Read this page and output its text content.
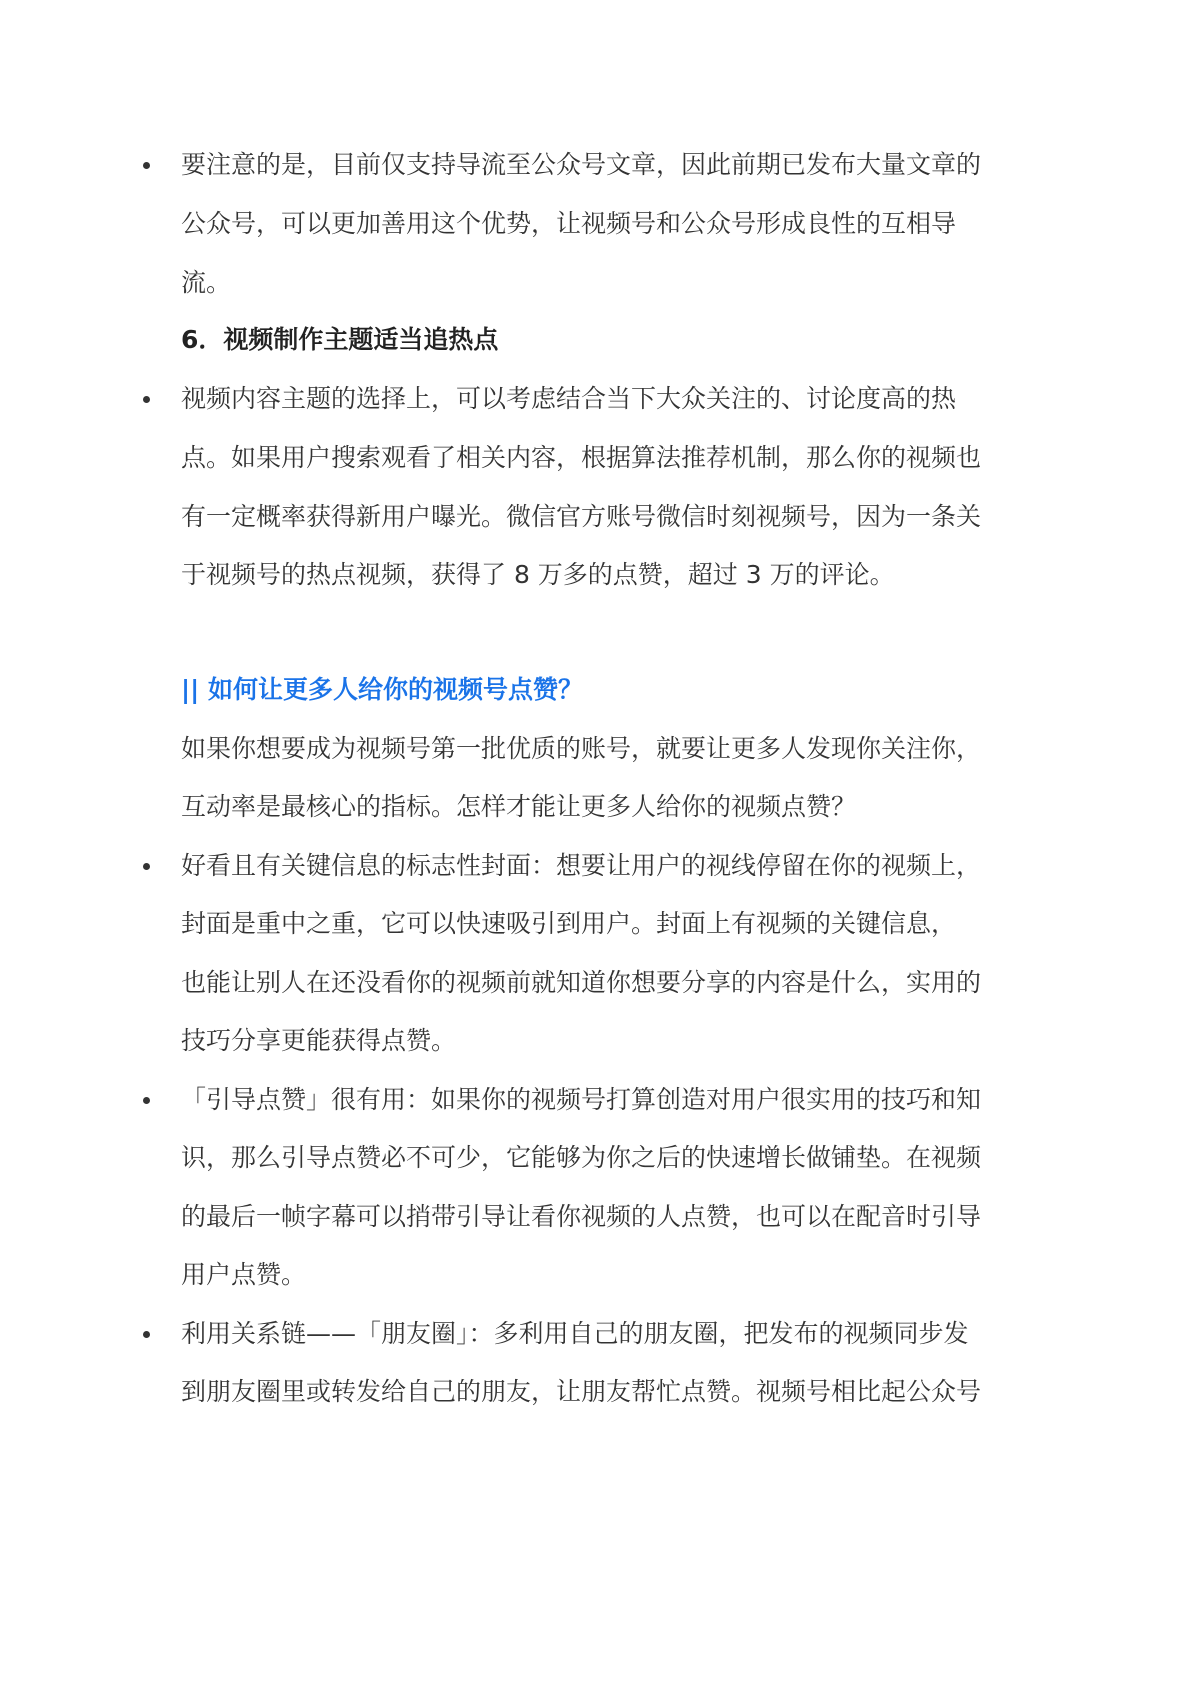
要注意的是，目前仅支持导流至公众号文章，因此前期已发布大量文章的

公众号，可以更加善用这个优势，让视频号和公众号形成良性的互相导

流。

6．视频制作主题适当追热点

视频内容主题的选择上，可以考虑结合当下大众关注的、讨论度高的热

点。如果用户搜索观看了相关内容，根据算法推荐机制，那么你的视频也

有一定概率获得新用户曝光。微信官方账号微信时刻视频号，因为一条关

于视频号的热点视频，获得了 8 万多的点赞，超过 3 万的评论。

|| 如何让更多人给你的视频号点赞？

如果你想要成为视频号第一批优质的账号，就要让更多人发现你关注你，

互动率是最核心的指标。怎样才能让更多人给你的视频点赞？

好看且有关键信息的标志性封面：想要让用户的视线停留在你的视频上，

封面是重中之重，它可以快速吸引到用户。封面上有视频的关键信息，

也能让别人在还没看你的视频前就知道你想要分享的内容是什么，实用的

技巧分享更能获得点赞。

「引导点赞」很有用：如果你的视频号打算创造对用户很实用的技巧和知

识，那么引导点赞必不可少，它能够为你之后的快速增长做铺垫。在视频

的最后一帧字幕可以捎带引导让看你视频的人点赞，也可以在配音时引导

用户点赞。

利用关系链——「朋友圈」：多利用自己的朋友圈，把发布的视频同步发

到朋友圈里或转发给自己的朋友，让朋友帮忙点赞。视频号相比起公众号
